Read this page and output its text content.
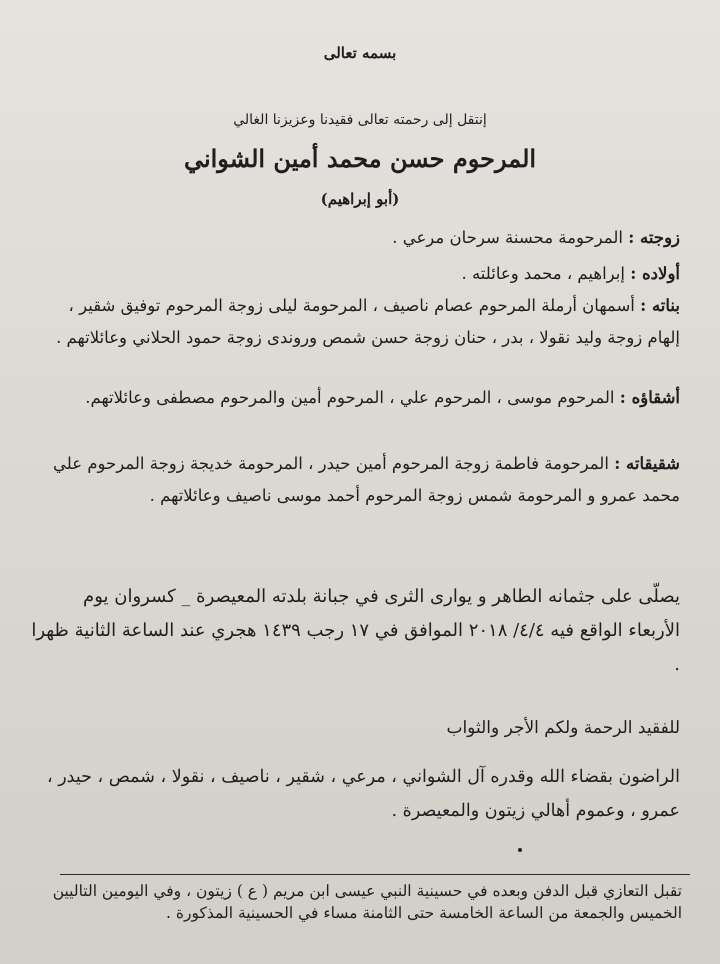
بسمه تعالى
إنتقل إلى رحمته تعالى فقيدنا وعزيزنا الغالي
المرحوم حسن محمد أمين الشواني
(أبو إبراهيم)
زوجته : المرحومة محسنة سرحان مرعي .
أولاده : إبراهيم ، محمد وعائلته .
بناته : أسمهان أرملة المرحوم عصام ناصيف ، المرحومة ليلى زوجة المرحوم توفيق شقير ، إلهام زوجة وليد نقولا ، بدر ، حنان زوجة حسن شمص وروندى زوجة حمود الحلاني وعائلاتهم .
أشقاؤه : المرحوم موسى ، المرحوم علي ، المرحوم أمين والمرحوم مصطفى وعائلاتهم.
شقيقاته : المرحومة فاطمة زوجة المرحوم أمين حيدر ، المرحومة خديجة زوجة المرحوم علي محمد عمرو و المرحومة شمس زوجة المرحوم أحمد موسى ناصيف وعائلاتهم .
يصلّى على جثمانه الطاهر و يوارى الثرى في جبانة بلدته المعيصرة _ كسروان يوم الأربعاء الواقع فيه ٤/٤/ ٢٠١٨ الموافق في ١٧ رجب ١٤٣٩ هجري عند الساعة الثانية ظهرا .
للفقيد الرحمة ولكم الأجر والثواب
الراضون بقضاء الله وقدره آل الشواني ، مرعي ، شقير ، ناصيف ، نقولا ، شمص ، حيدر ، عمرو ، وعموم أهالي زيتون والمعيصرة .
تقبل التعازي قبل الدفن وبعده في حسينية النبي عيسى ابن مريم ( ع ) زيتون ، وفي اليومين التاليين الخميس والجمعة من الساعة الخامسة حتى الثامنة مساء في الحسينية المذكورة .
